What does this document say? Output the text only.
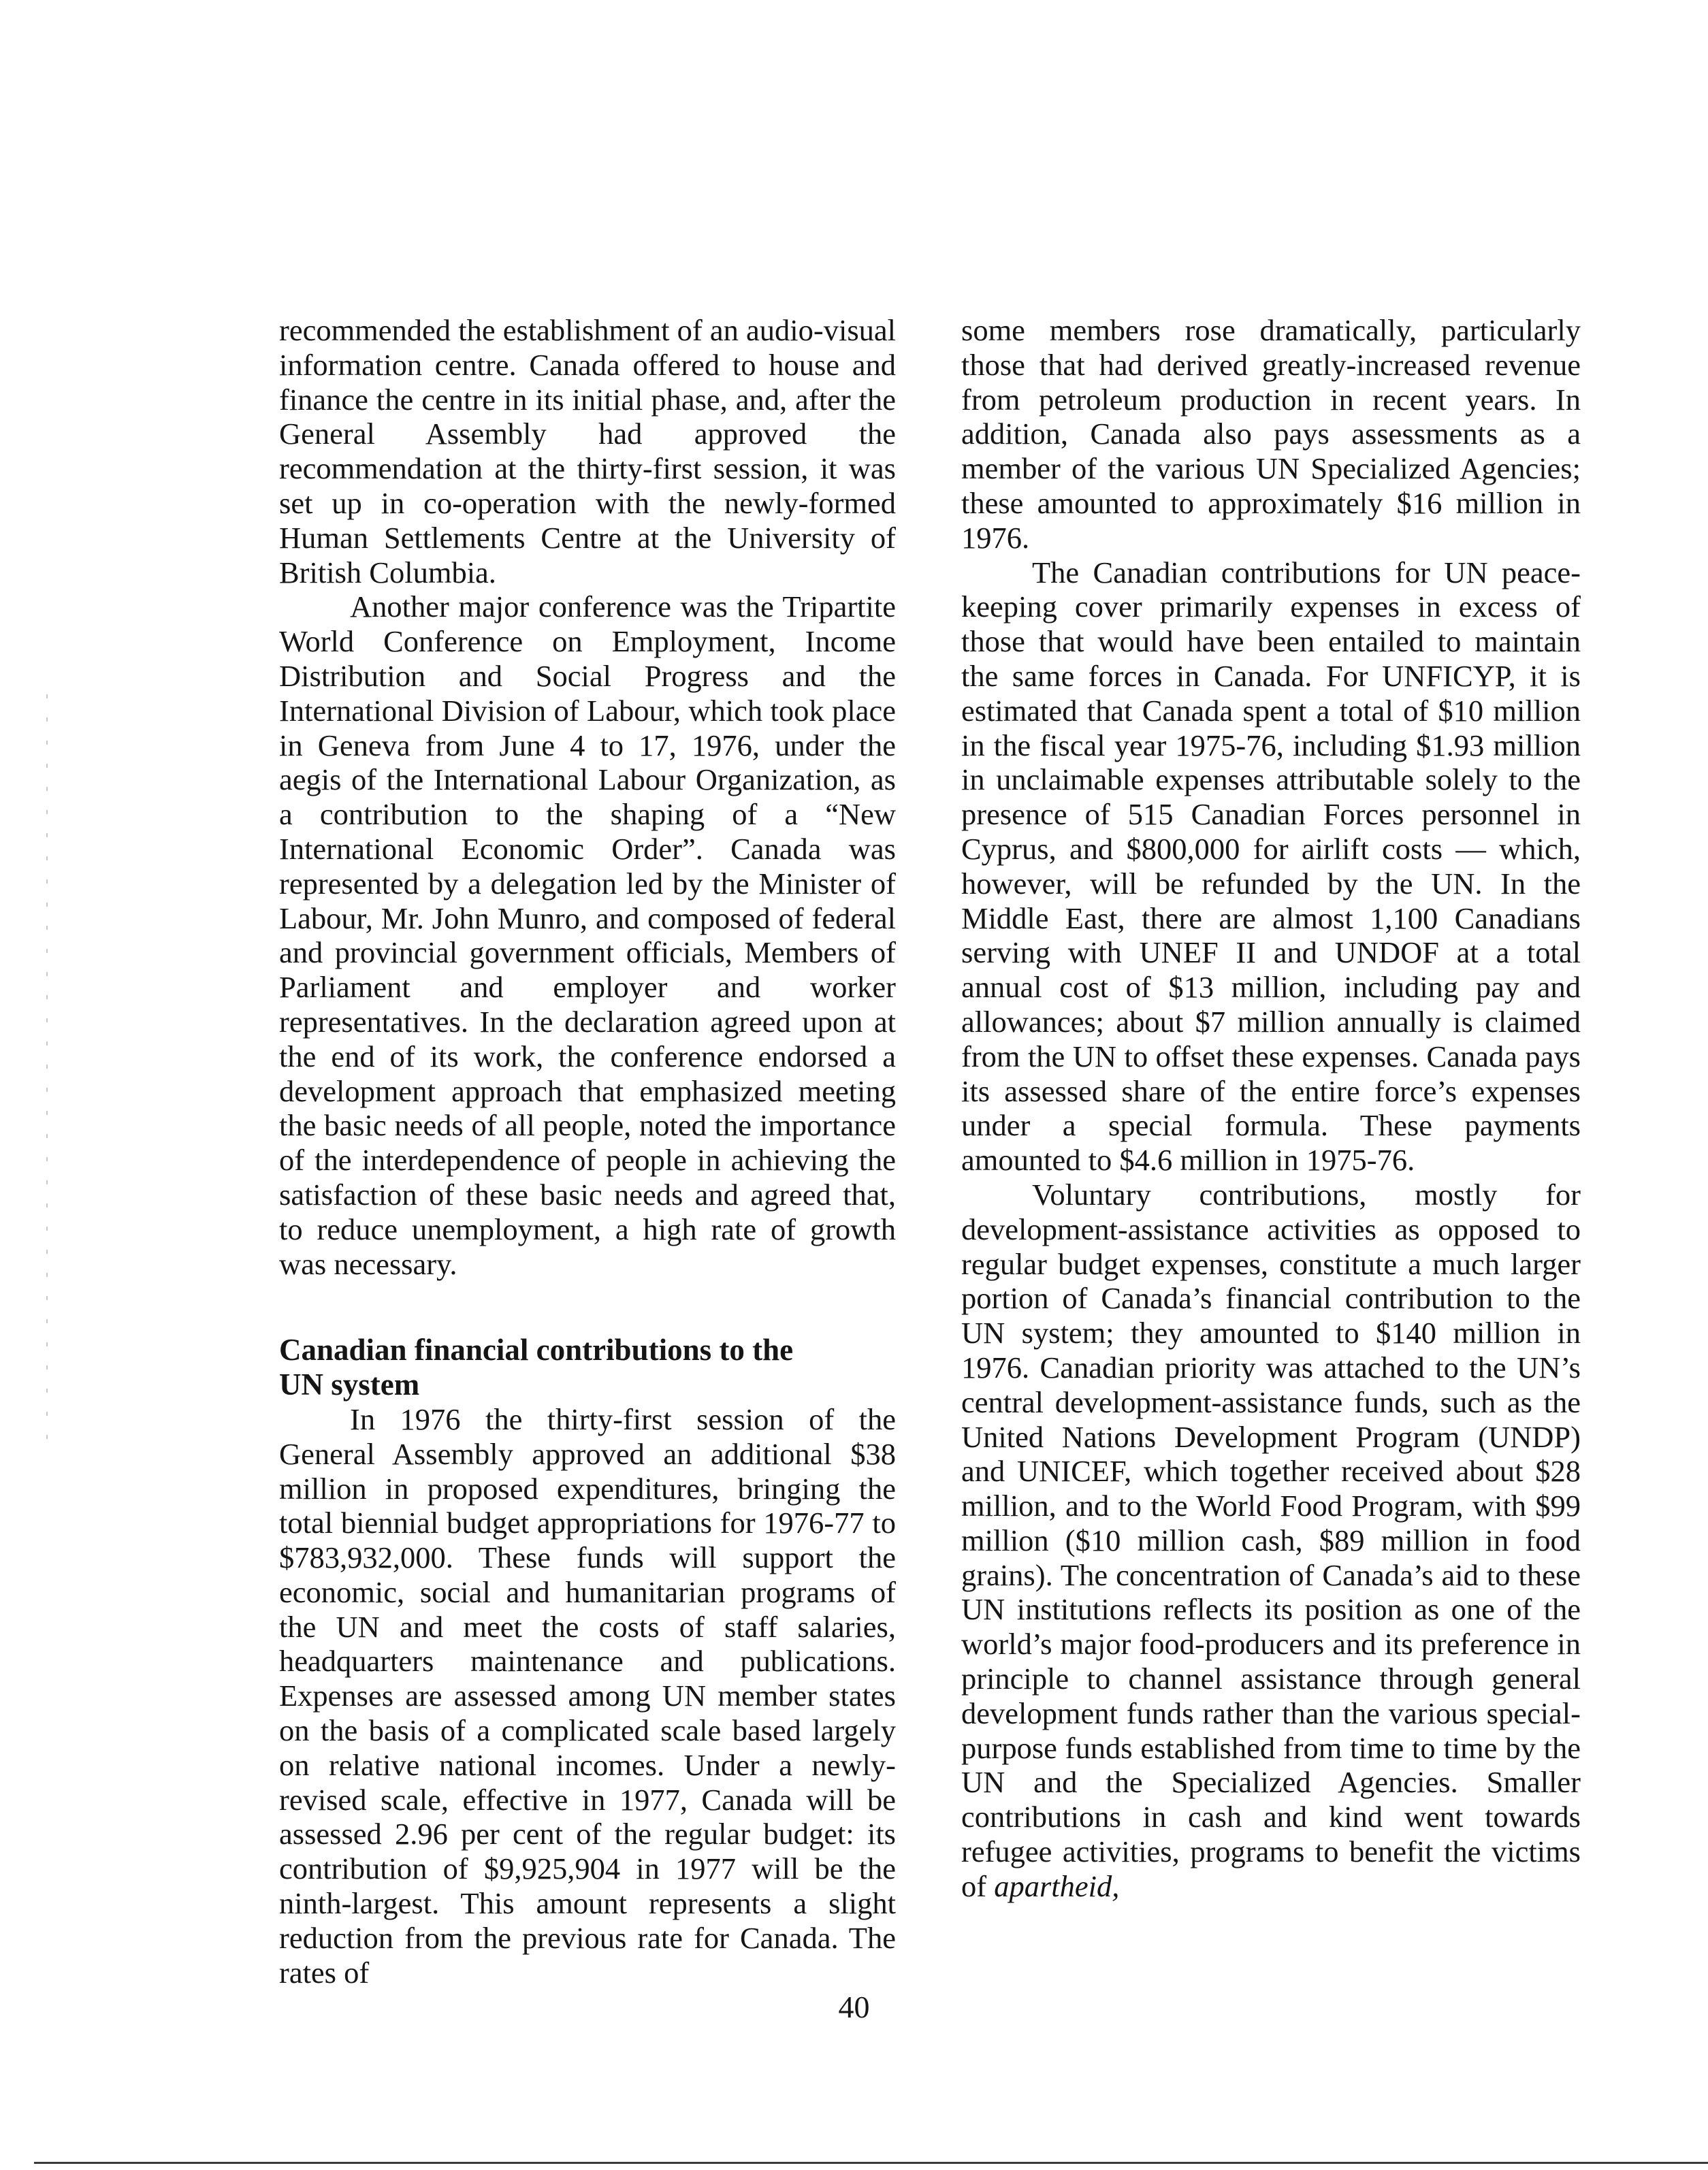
recommended the establishment of an audio-visual information centre. Canada offered to house and finance the centre in its initial phase, and, after the General Assembly had approved the recommendation at the thirty-first session, it was set up in co-operation with the newly-formed Human Settlements Centre at the University of British Columbia.

Another major conference was the Tripartite World Conference on Employment, Income Distribution and Social Progress and the International Division of Labour, which took place in Geneva from June 4 to 17, 1976, under the aegis of the International Labour Organization, as a contribution to the shaping of a “New International Economic Order”. Canada was represented by a delegation led by the Minister of Labour, Mr. John Munro, and composed of federal and provincial government officials, Members of Parliament and employer and worker representatives. In the declaration agreed upon at the end of its work, the conference endorsed a development approach that emphasized meeting the basic needs of all people, noted the importance of the interdependence of people in achieving the satisfaction of these basic needs and agreed that, to reduce unemployment, a high rate of growth was necessary.

Canadian financial contributions to the UN system

In 1976 the thirty-first session of the General Assembly approved an additional $38 million in proposed expenditures, bringing the total biennial budget appropriations for 1976-77 to $783,932,000. These funds will support the economic, social and humanitarian programs of the UN and meet the costs of staff salaries, headquarters maintenance and publications. Expenses are assessed among UN member states on the basis of a complicated scale based largely on relative national incomes. Under a newly-revised scale, effective in 1977, Canada will be assessed 2.96 per cent of the regular budget: its contribution of $9,925,904 in 1977 will be the ninth-largest. This amount represents a slight reduction from the previous rate for Canada. The rates of

some members rose dramatically, particularly those that had derived greatly-increased revenue from petroleum production in recent years. In addition, Canada also pays assessments as a member of the various UN Specialized Agencies; these amounted to approximately $16 million in 1976.

The Canadian contributions for UN peace-keeping cover primarily expenses in excess of those that would have been entailed to maintain the same forces in Canada. For UNFICYP, it is estimated that Canada spent a total of $10 million in the fiscal year 1975-76, including $1.93 million in unclaimable expenses attributable solely to the presence of 515 Canadian Forces personnel in Cyprus, and $800,000 for airlift costs — which, however, will be refunded by the UN. In the Middle East, there are almost 1,100 Canadians serving with UNEF II and UNDOF at a total annual cost of $13 million, including pay and allowances; about $7 million annually is claimed from the UN to offset these expenses. Canada pays its assessed share of the entire force’s expenses under a special formula. These payments amounted to $4.6 million in 1975-76.

Voluntary contributions, mostly for development-assistance activities as opposed to regular budget expenses, constitute a much larger portion of Canada’s financial contribution to the UN system; they amounted to $140 million in 1976. Canadian priority was attached to the UN’s central development-assistance funds, such as the United Nations Development Program (UNDP) and UNICEF, which together received about $28 million, and to the World Food Program, with $99 million ($10 million cash, $89 million in food grains). The concentration of Canada’s aid to these UN institutions reflects its position as one of the world’s major food-producers and its preference in principle to channel assistance through general development funds rather than the various special-purpose funds established from time to time by the UN and the Specialized Agencies. Smaller contributions in cash and kind went towards refugee activities, programs to benefit the victims of apartheid,

40
